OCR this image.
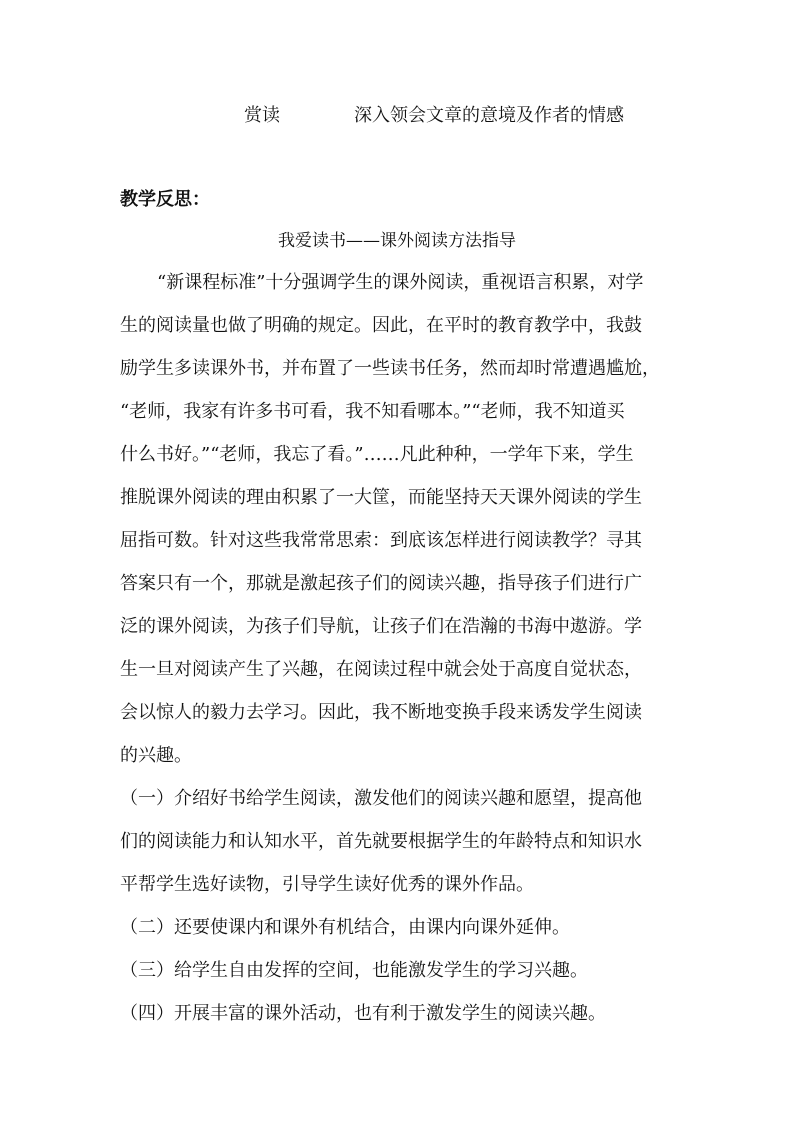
赏读	深入领会文章的意境及作者的情感
教学反思：
我爱读书——课外阅读方法指导
“新课程标准”十分强调学生的课外阅读，重视语言积累，对学
生的阅读量也做了明确的规定。因此，在平时的教育教学中，我鼓
励学生多读课外书，并布置了一些读书任务，然而却时常遭遇尴尬，
“老师，我家有许多书可看，我不知看哪本。”“老师，我不知道买
什么书好。”“老师，我忘了看。”……凡此种种，一学年下来，学生
推脱课外阅读的理由积累了一大筐，而能坚持天天课外阅读的学生
屈指可数。针对这些我常常思索：到底该怎样进行阅读教学？寻其
答案只有一个，那就是激起孩子们的阅读兴趣，指导孩子们进行广
泛的课外阅读，为孩子们导航，让孩子们在浩瀚的书海中遨游。学
生一旦对阅读产生了兴趣，在阅读过程中就会处于高度自觉状态，
会以惊人的毅力去学习。因此，我不断地变换手段来诱发学生阅读
的兴趣。
（一）介绍好书给学生阅读，激发他们的阅读兴趣和愿望，提高他
们的阅读能力和认知水平，首先就要根据学生的年龄特点和知识水
平帮学生选好读物，引导学生读好优秀的课外作品。
（二）还要使课内和课外有机结合，由课内向课外延伸。
（三）给学生自由发挥的空间，也能激发学生的学习兴趣。
（四）开展丰富的课外活动，也有利于激发学生的阅读兴趣。
